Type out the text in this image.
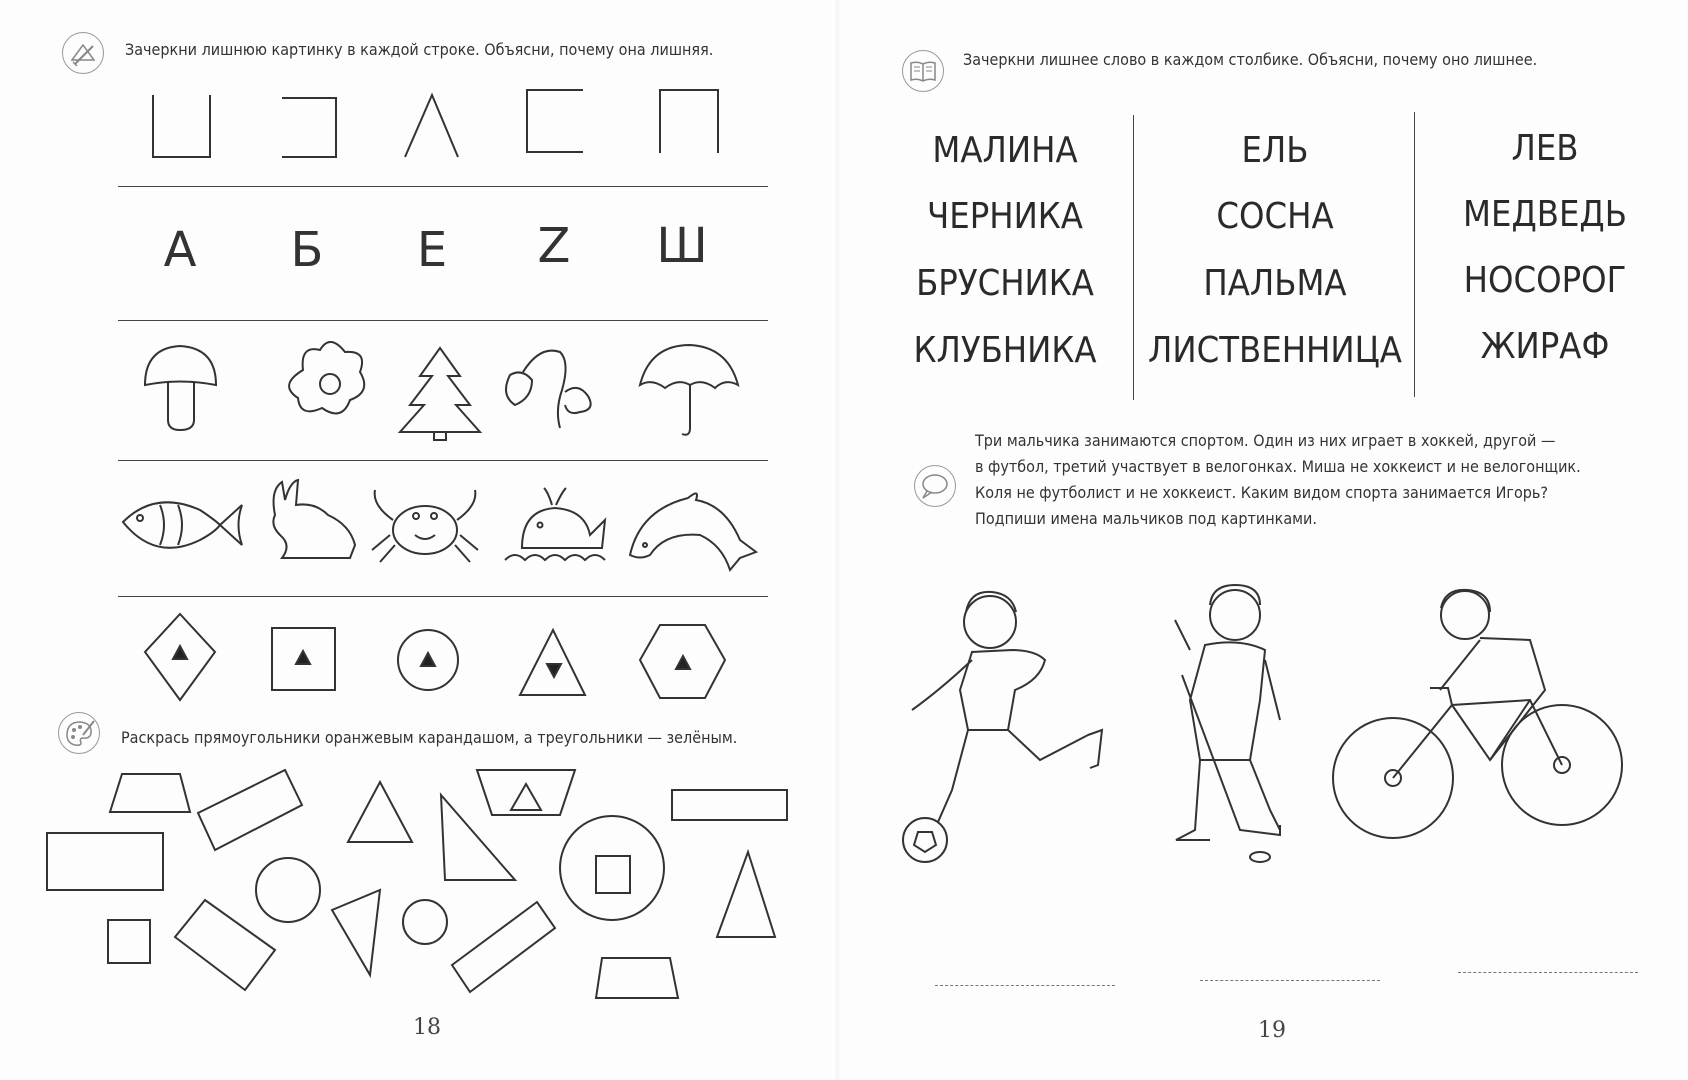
Зачеркни лишнюю картинку в каждой строке. Объясни, почему она лишняя.
А Б	Е	Z Ш
Раскрась прямоугольники оранжевым карандашом, а треугольники — зелёным.
18
Зачеркни лишнее слово в каждом столбике. Объясни, почему оно лишнее.
МАЛИНА
ЧЕРНИКА
БРУСНИКА
КЛУБНИКА
ЕЛЬ
СОСНА
ПАЛЬМА
ЛИСТВЕННИЦА
ЛЕВ
МЕДВЕДЬ
НОСОРОГ
ЖИРАФ
Три мальчика занимаются спортом. Один из них играет в хоккей, другой —
в футбол, третий участвует в велогонках. Миша не хоккеист и не велогонщик.
Коля не футболист и не хоккеист. Каким видом спорта занимается Игорь?
Подпиши имена мальчиков под картинками.
19
